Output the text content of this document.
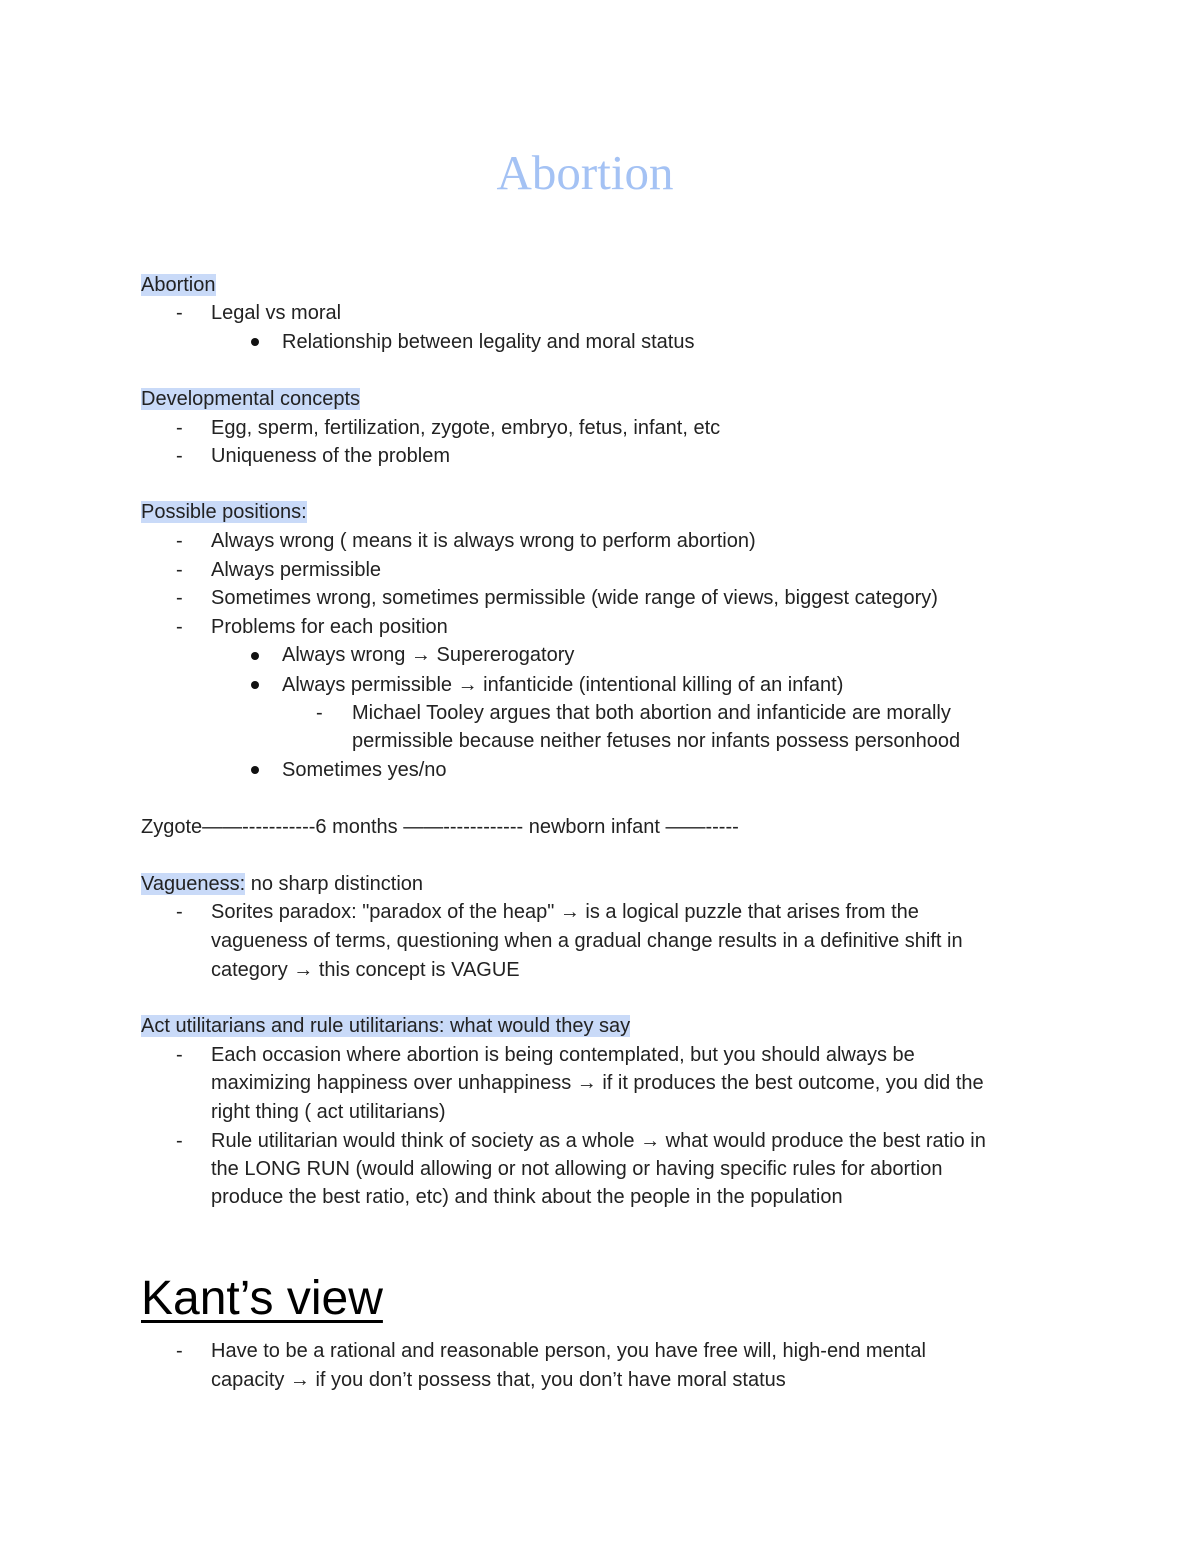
Abortion
Abortion
- Legal vs moral
Relationship between legality and moral status
Developmental concepts
- Egg, sperm, fertilization, zygote, embryo, fetus, infant, etc
- Uniqueness of the problem
Possible positions:
- Always wrong ( means it is always wrong to perform abortion)
- Always permissible
- Sometimes wrong, sometimes permissible (wide range of views, biggest category)
- Problems for each position
Always wrong → Supererogatory
Always permissible → infanticide (intentional killing of an infant)
- Michael Tooley argues that both abortion and infanticide are morally
permissible because neither fetuses nor infants possess personhood
Sometimes yes/no
Zygote——-----------6 months ——------------ newborn infant ——-----
Vagueness: no sharp distinction
- Sorites paradox: "paradox of the heap" → is a logical puzzle that arises from the
vagueness of terms, questioning when a gradual change results in a definitive shift in
category → this concept is VAGUE
Act utilitarians and rule utilitarians: what would they say
- Each occasion where abortion is being contemplated, but you should always be
maximizing happiness over unhappiness → if it produces the best outcome, you did the
right thing ( act utilitarians)
- Rule utilitarian would think of society as a whole → what would produce the best ratio in
the LONG RUN (would allowing or not allowing or having specific rules for abortion
produce the best ratio, etc) and think about the people in the population
Kant’s view
- Have to be a rational and reasonable person, you have free will, high-end mental
capacity → if you don’t possess that, you don’t have moral status
